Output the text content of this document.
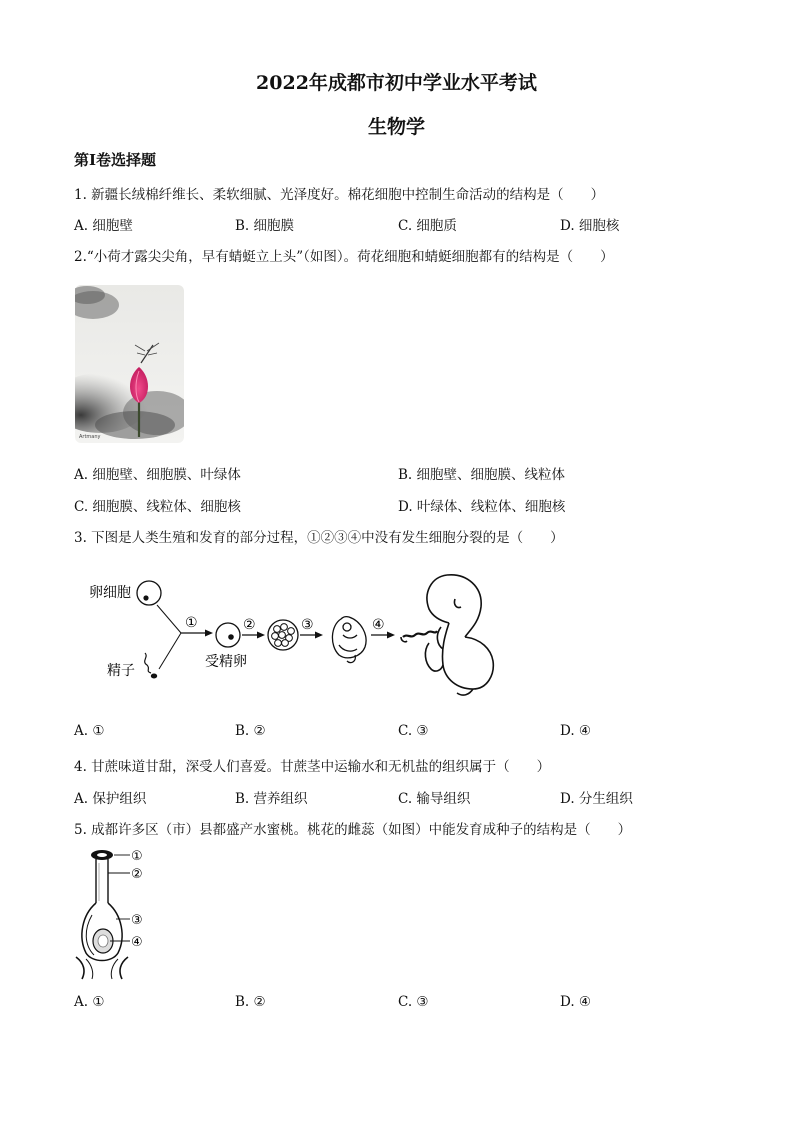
2022年成都市初中学业水平考试
生物学
第Ⅰ卷选择题
1. 新疆长绒棉纤维长、柔软细腻、光泽度好。棉花细胞中控制生命活动的结构是（　　）
A. 细胞壁	B. 细胞膜	C. 细胞质	D. 细胞核
2.“小荷才露尖尖角，早有蜻蜓立上头”（如图）。荷花细胞和蜻蜓细胞都有的结构是（　　）
Artmany
A. 细胞壁、细胞膜、叶绿体	B. 细胞壁、细胞膜、线粒体
C. 细胞膜、线粒体、细胞核	D. 叶绿体、线粒体、细胞核
3. 下图是人类生殖和发育的部分过程，①②③④中没有发生细胞分裂的是（　　）
卵细胞
精子
①
受精卵
②	③	④
A. ①	B. ②	C. ③	D. ④
4. 甘蔗味道甘甜，深受人们喜爱。甘蔗茎中运输水和无机盐的组织属于（　　）
A. 保护组织	B. 营养组织	C. 输导组织	D. 分生组织
5. 成都许多区（市）县都盛产水蜜桃。桃花的雌蕊（如图）中能发育成种子的结构是（　　）
①
②
③
④
A. ①	B. ②	C. ③	D. ④
